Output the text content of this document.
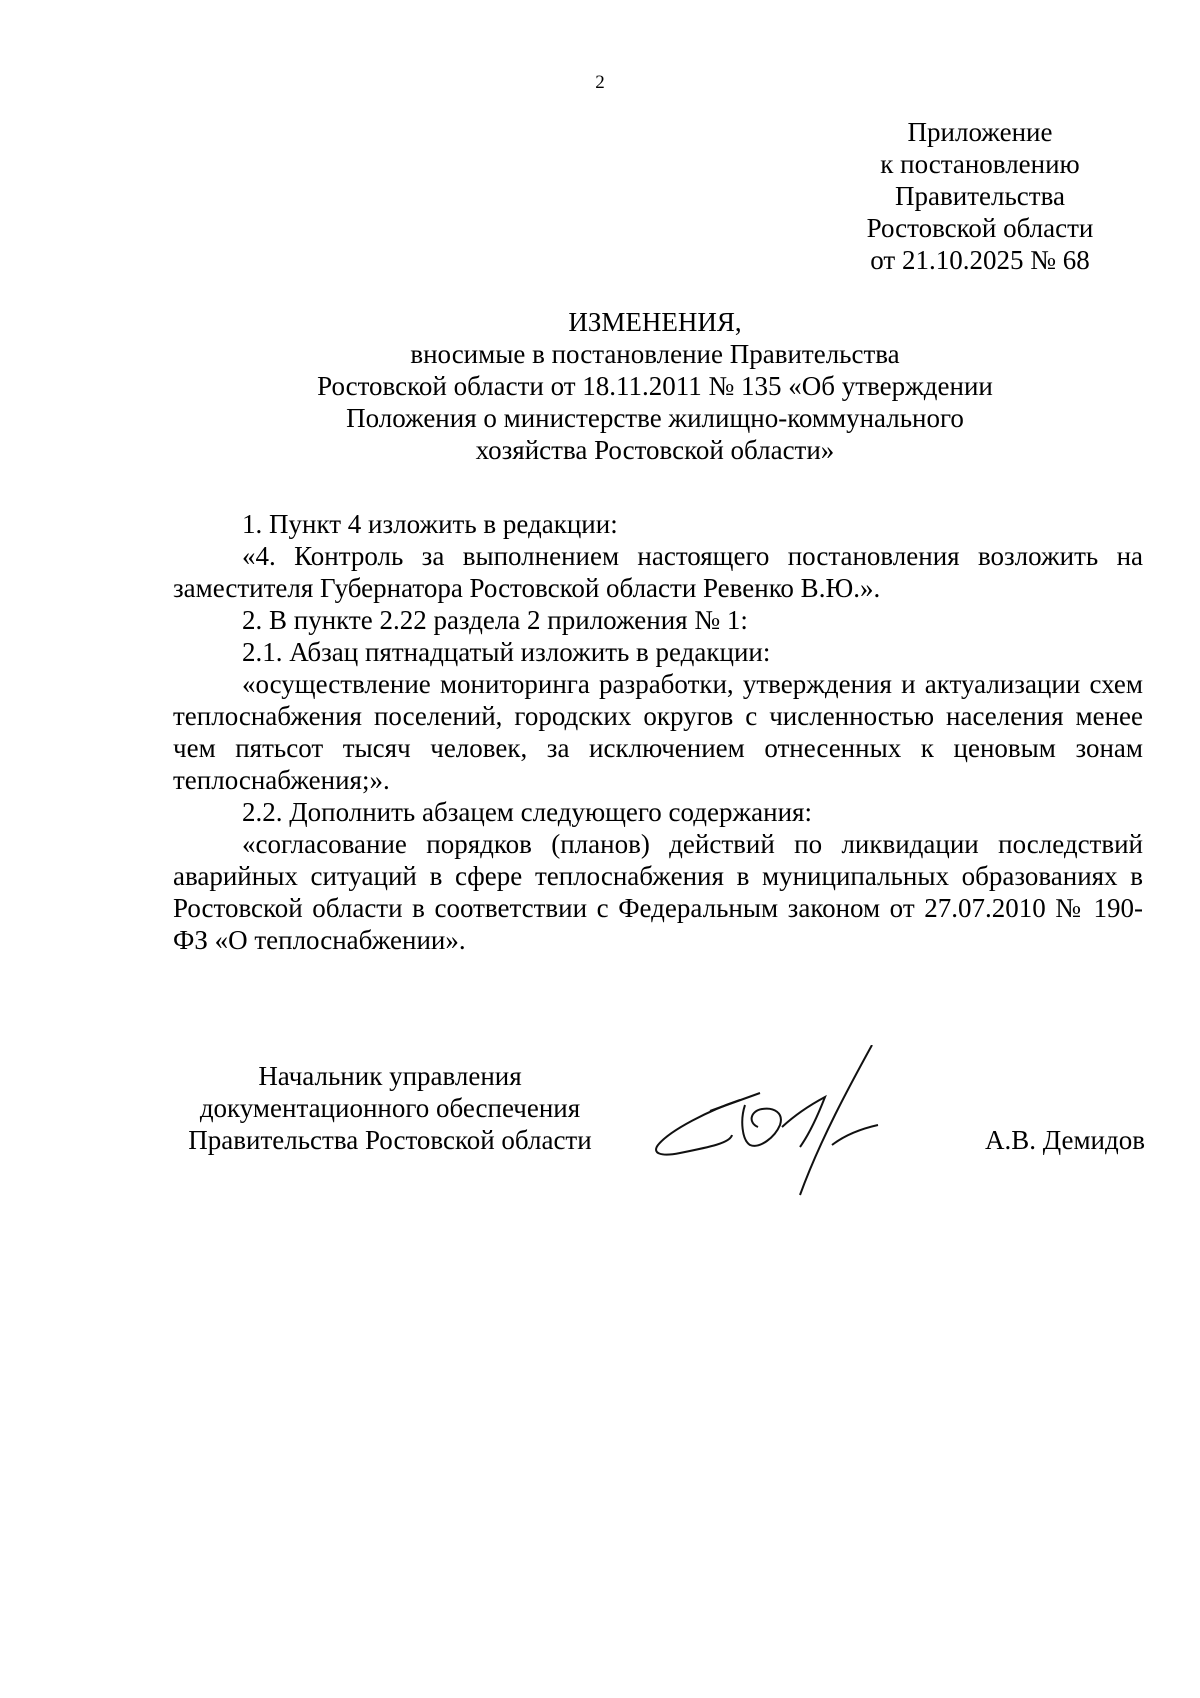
2
Приложение
к постановлению
Правительства
Ростовской области
от 21.10.2025 № 68
ИЗМЕНЕНИЯ,
вносимые в постановление Правительства
Ростовской области от 18.11.2011 № 135 «Об утверждении
Положения о министерстве жилищно-коммунального
хозяйства Ростовской области»

1. Пункт 4 изложить в редакции:

«4. Контроль за выполнением настоящего постановления возложить на заместителя Губернатора Ростовской области Ревенко В.Ю.».

2. В пункте 2.22 раздела 2 приложения № 1:

2.1. Абзац пятнадцатый изложить в редакции:

«осуществление мониторинга разработки, утверждения и актуализации схем теплоснабжения поселений, городских округов с численностью населения менее чем пятьсот тысяч человек, за исключением отнесенных к ценовым зонам теплоснабжения;».

2.2. Дополнить абзацем следующего содержания:

«согласование порядков (планов) действий по ликвидации последствий аварийных ситуаций в сфере теплоснабжения в муниципальных образованиях в Ростовской области в соответствии с Федеральным законом от 27.07.2010 № 190-ФЗ «О теплоснабжении».

Начальник управления
документационного обеспечения
Правительства Ростовской области	А.В. Демидов
